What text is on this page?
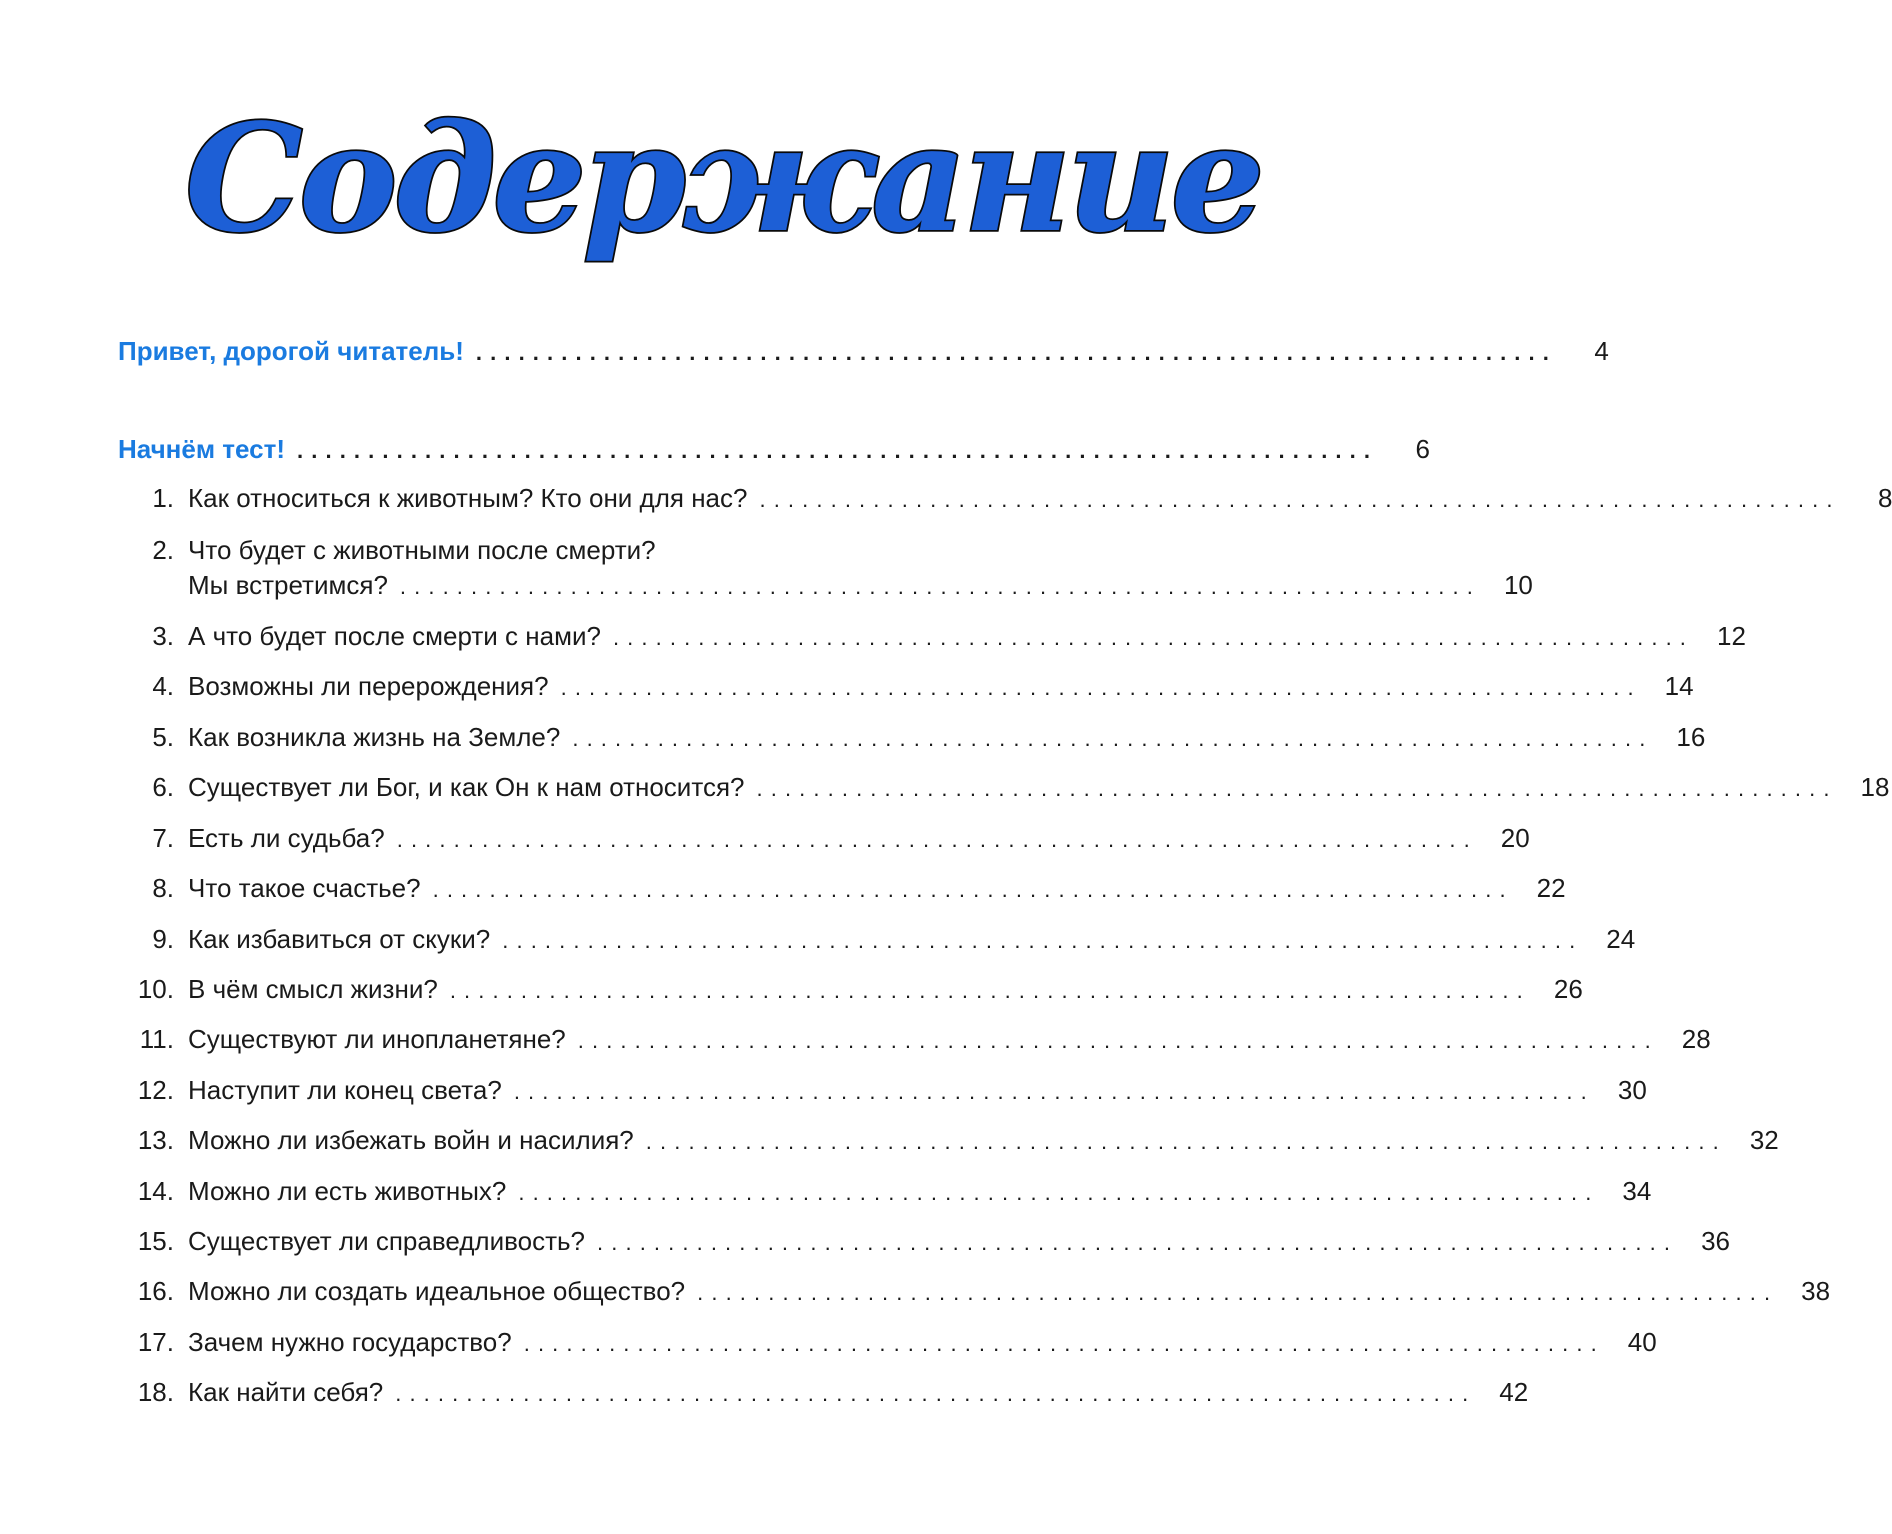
Содержание
Привет, дорогой читатель! . . .	4
Начнём тест! . . .	6
1. Как относиться к животным? Кто они для нас? . . .	8
2. Что будет с животными после смерти?
Мы встретимся? . . .	10
3. А что будет после смерти с нами? . . .	12
4. Возможны ли перерождения? . . .	14
5. Как возникла жизнь на Земле? . . .	16
6. Существует ли Бог, и как Он к нам относится? . . .	18
7. Есть ли судьба? . . .	20
8. Что такое счастье? . . .	22
9. Как избавиться от скуки? . . .	24
10. В чём смысл жизни? . . .	26
11. Существуют ли инопланетяне? . . .	28
12. Наступит ли конец света? . . .	30
13. Можно ли избежать войн и насилия? . . .	32
14. Можно ли есть животных? . . .	34
15. Существует ли справедливость? . . .	36
16. Можно ли создать идеальное общество? . . .	38
17. Зачем нужно государство? . . .	40
18. Как найти себя? . . .	42
